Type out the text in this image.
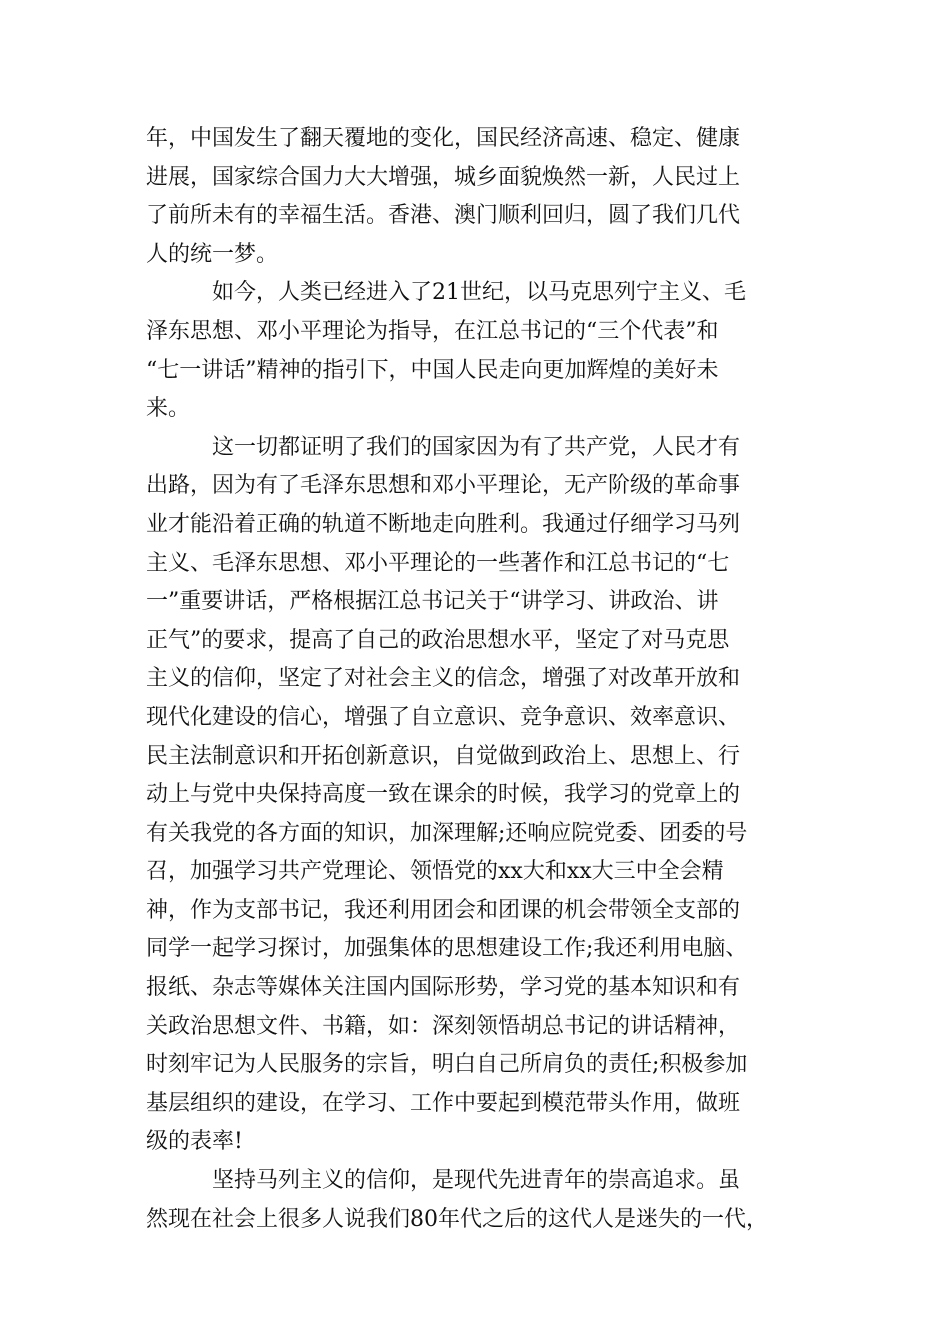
年，中国发生了翻天覆地的变化，国民经济高速、稳定、健康
进展，国家综合国力大大增强，城乡面貌焕然一新，人民过上
了前所未有的幸福生活。香港、澳门顺利回归，圆了我们几代
人的统一梦。
如今，人类已经进入了21世纪，以马克思列宁主义、毛
泽东思想、邓小平理论为指导，在江总书记的“三个代表”和
“七一讲话”精神的指引下，中国人民走向更加辉煌的美好未
来。
这一切都证明了我们的国家因为有了共产党，人民才有
出路，因为有了毛泽东思想和邓小平理论，无产阶级的革命事
业才能沿着正确的轨道不断地走向胜利。我通过仔细学习马列
主义、毛泽东思想、邓小平理论的一些著作和江总书记的“七
一”重要讲话，严格根据江总书记关于“讲学习、讲政治、讲
正气”的要求，提高了自己的政治思想水平，坚定了对马克思
主义的信仰，坚定了对社会主义的信念，增强了对改革开放和
现代化建设的信心，增强了自立意识、竞争意识、效率意识、
民主法制意识和开拓创新意识，自觉做到政治上、思想上、行
动上与党中央保持高度一致在课余的时候，我学习的党章上的
有关我党的各方面的知识，加深理解;还响应院党委、团委的号
召，加强学习共产党理论、领悟党的xx大和xx大三中全会精
神，作为支部书记，我还利用团会和团课的机会带领全支部的
同学一起学习探讨，加强集体的思想建设工作;我还利用电脑、
报纸、杂志等媒体关注国内国际形势，学习党的基本知识和有
关政治思想文件、书籍，如：深刻领悟胡总书记的讲话精神，
时刻牢记为人民服务的宗旨，明白自己所肩负的责任;积极参加
基层组织的建设，在学习、工作中要起到模范带头作用，做班
级的表率!
坚持马列主义的信仰，是现代先进青年的崇高追求。虽
然现在社会上很多人说我们80年代之后的这代人是迷失的一代，
